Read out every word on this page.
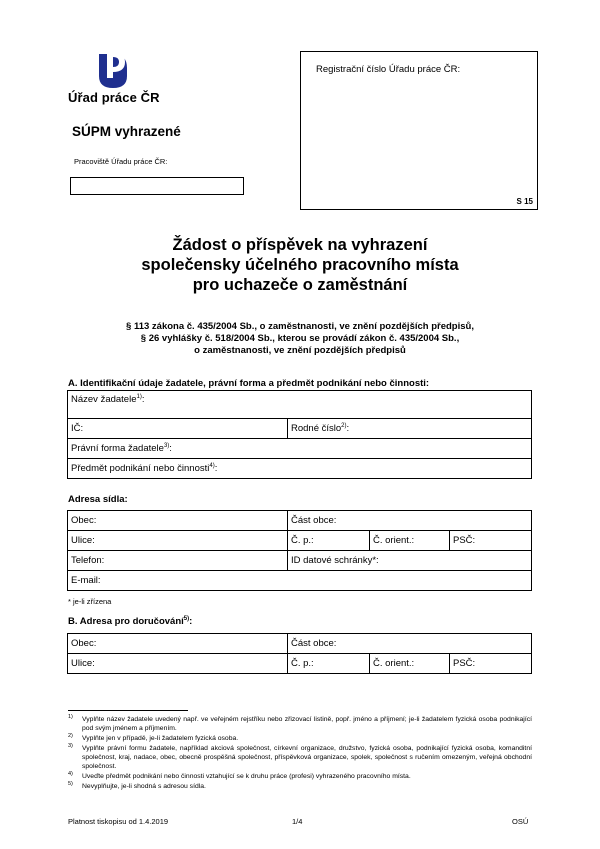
Úřad práce ČR
SÚPM vyhrazené
Pracoviště Úřadu práce ČR:
Registrační číslo Úřadu práce ČR:
S 15
Žádost o příspěvek na vyhrazení
společensky účelného pracovního místa
pro uchazeče o zaměstnání
§ 113 zákona č. 435/2004 Sb., o zaměstnanosti, ve znění pozdějších předpisů,
§ 26 vyhlášky č. 518/2004 Sb., kterou se provádí zákon č. 435/2004 Sb.,
o zaměstnanosti, ve znění pozdějších předpisů
A. Identifikační údaje žadatele, právní forma a předmět podnikání nebo činnosti:
Název žadatele$^{1)}$:
IČ:	Rodné číslo$^{2)}$:
Právní forma žadatele$^{3)}$:
Předmět podnikání nebo činnosti$^{4)}$:
Adresa sídla:
Obec:	Část obce:		
Ulice:	Č. p.:	Č. orient.:	PSČ:
Telefon:	ID datové schránky*:		
E-mail:			
* je-li zřízena
B. Adresa pro doručování$^{5)}$:
Obec:	Část obce:		
Ulice:	Č. p.:	Č. orient.:	PSČ:
1)	Vyplňte název žadatele uvedený např. ve veřejném rejstříku nebo zřizovací listině, popř. jméno a příjmení; je-li žadatelem fyzická osoba podnikající pod svým jménem a příjmením.
2)	Vyplňte jen v případě, je-li žadatelem fyzická osoba.
3)	Vyplňte právní formu žadatele, například akciová společnost, církevní organizace, družstvo, fyzická osoba, podnikající fyzická osoba, komanditní společnost, kraj, nadace, obec, obecně prospěšná společnost, příspěvková organizace, spolek, společnost s ručením omezeným, veřejná obchodní společnost.
4)	Uveďte předmět podnikání nebo činnosti vztahující se k druhu práce (profesi) vyhrazeného pracovního místa.
5)	Nevyplňujte, je-li shodná s adresou sídla.
Platnost tiskopisu od 1.4.2019	1/4	OSÚ
